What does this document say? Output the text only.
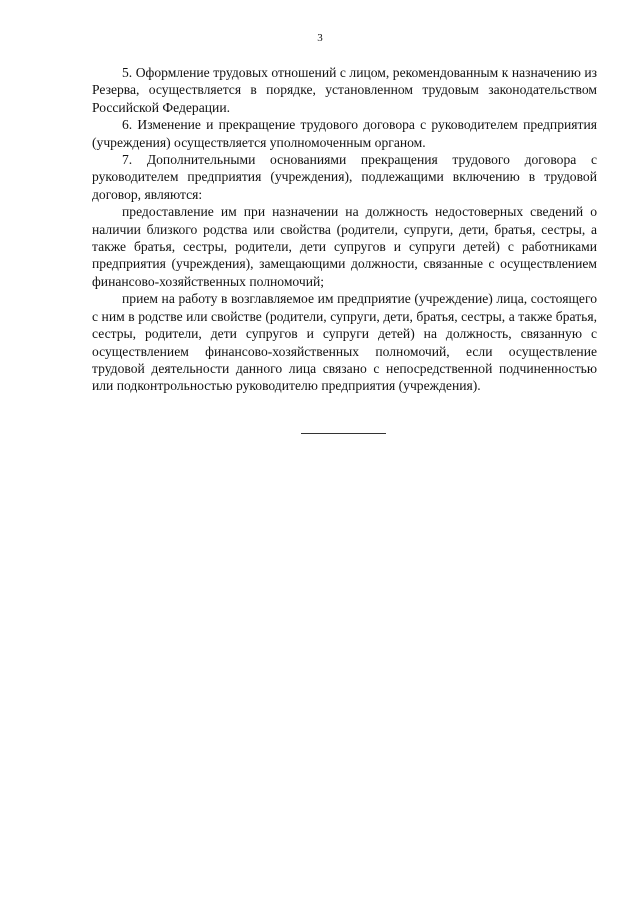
3

5. Оформление трудовых отношений с лицом, рекомендованным к назначению из Резерва, осуществляется в порядке, установленном трудовым законодательством Российской Федерации.

6. Изменение и прекращение трудового договора с руководителем предприятия (учреждения) осуществляется уполномоченным органом.

7. Дополнительными основаниями прекращения трудового договора с руководителем предприятия (учреждения), подлежащими включению в трудовой договор, являются:

предоставление им при назначении на должность недостоверных сведений о наличии близкого родства или свойства (родители, супруги, дети, братья, сестры, а также братья, сестры, родители, дети супругов и супруги детей) с работниками предприятия (учреждения), замещающими должности, связанные с осуществлением финансово-хозяйственных полномочий;

прием на работу в возглавляемое им предприятие (учреждение) лица, состоящего с ним в родстве или свойстве (родители, супруги, дети, братья, сестры, а также братья, сестры, родители, дети супругов и супруги детей) на должность, связанную с осуществлением финансово-хозяйственных полномочий, если осуществление трудовой деятельности данного лица связано с непосредственной подчиненностью или подконтрольностью руководителю предприятия (учреждения).
